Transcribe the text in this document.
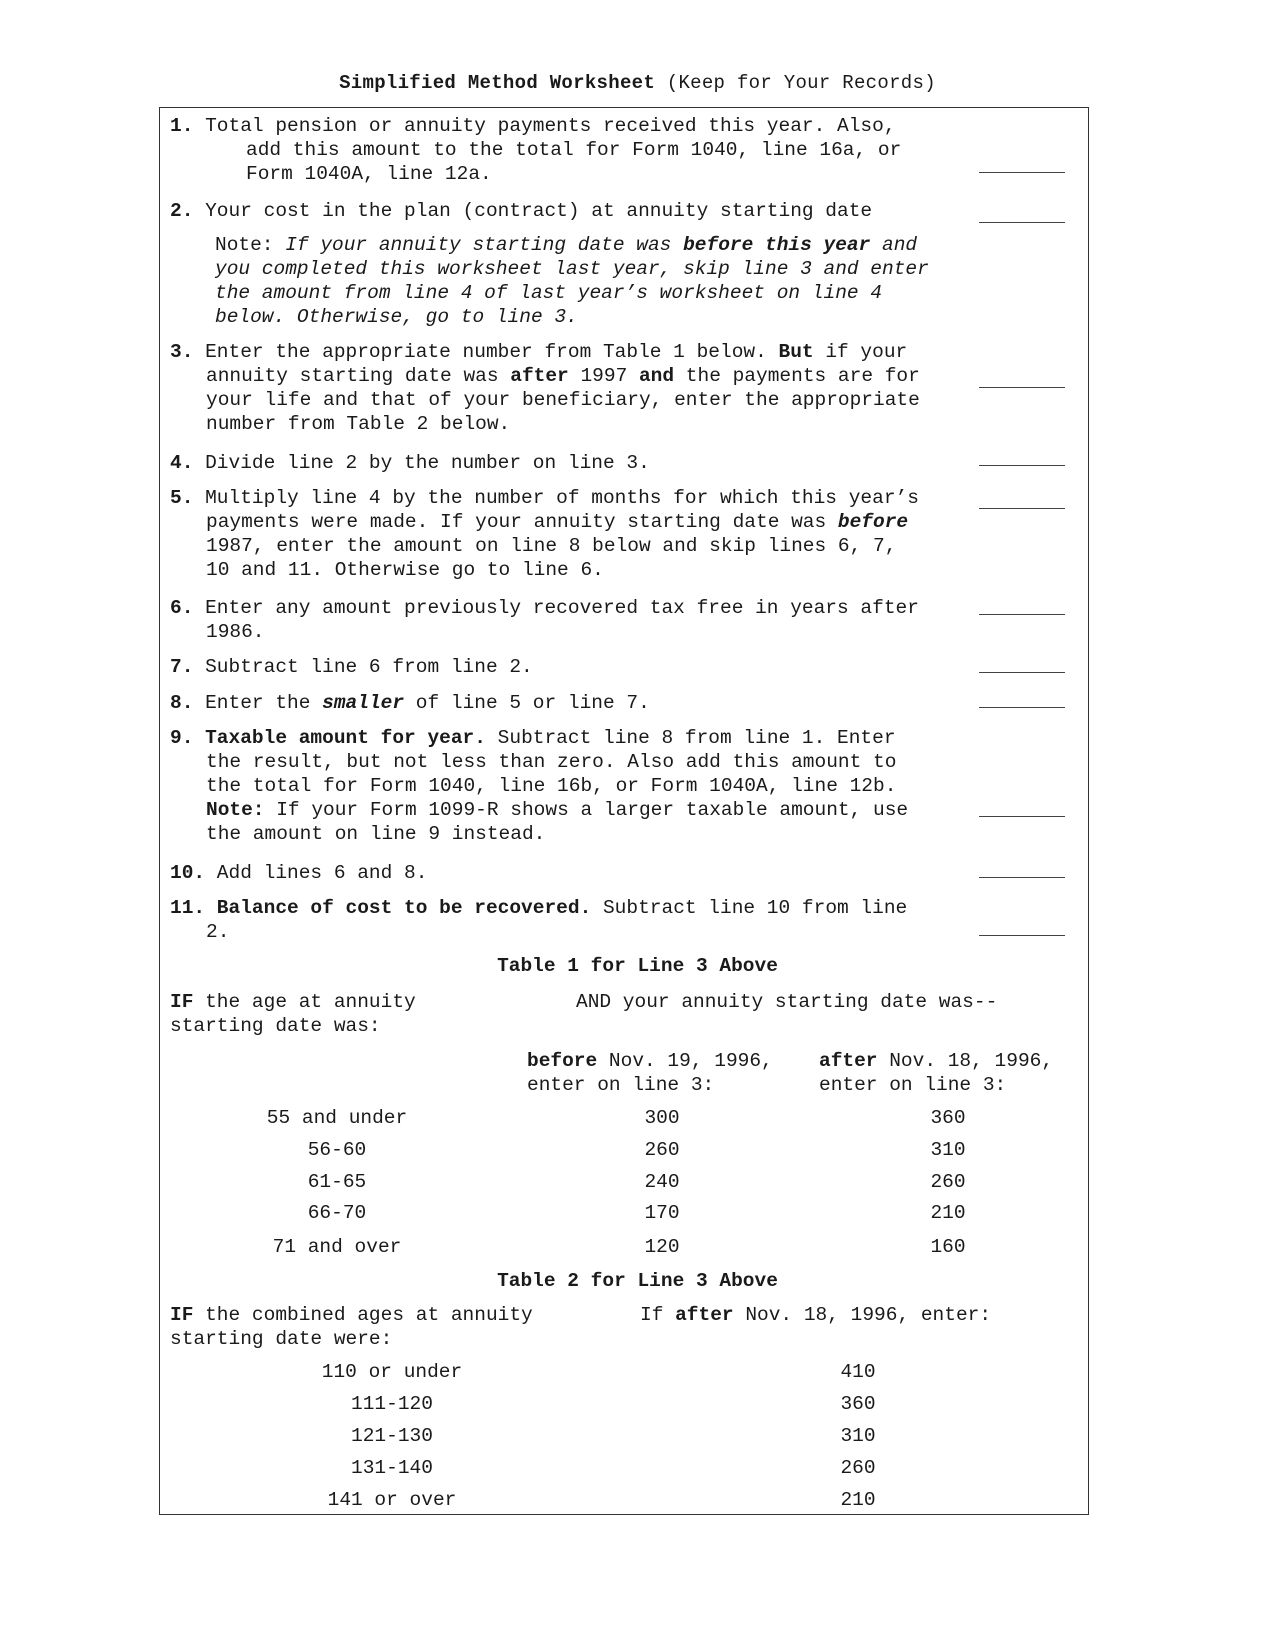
Simplified Method Worksheet (Keep for Your Records)
1. Total pension or annuity payments received this year. Also,
add this amount to the total for Form 1040, line 16a, or
Form 1040A, line 12a.
2. Your cost in the plan (contract) at annuity starting date
Note: If your annuity starting date was before this year and
you completed this worksheet last year, skip line 3 and enter
the amount from line 4 of last year’s worksheet on line 4
below. Otherwise, go to line 3.
3. Enter the appropriate number from Table 1 below. But if your
annuity starting date was after 1997 and the payments are for
your life and that of your beneficiary, enter the appropriate
number from Table 2 below.
4. Divide line 2 by the number on line 3.
5. Multiply line 4 by the number of months for which this year’s
payments were made. If your annuity starting date was before
1987, enter the amount on line 8 below and skip lines 6, 7,
10 and 11. Otherwise go to line 6.
6. Enter any amount previously recovered tax free in years after
1986.
7. Subtract line 6 from line 2.
8. Enter the smaller of line 5 or line 7.
9. Taxable amount for year. Subtract line 8 from line 1. Enter
the result, but not less than zero. Also add this amount to
the total for Form 1040, line 16b, or Form 1040A, line 12b.
Note: If your Form 1099-R shows a larger taxable amount, use
the amount on line 9 instead.
10. Add lines 6 and 8.
11. Balance of cost to be recovered. Subtract line 10 from line
2.
Table 1 for Line 3 Above
IF the age at annuity
starting date was:
AND your annuity starting date was--
before Nov. 19, 1996,
enter on line 3:
after Nov. 18, 1996,
enter on line 3:
55 and under	300	360
56-60	260	310
61-65	240	260
66-70	170	210
71 and over	120	160
Table 2 for Line 3 Above
IF the combined ages at annuity
starting date were:
If after Nov. 18, 1996, enter:
110 or under	410
111-120	360
121-130	310
131-140	260
141 or over	210
